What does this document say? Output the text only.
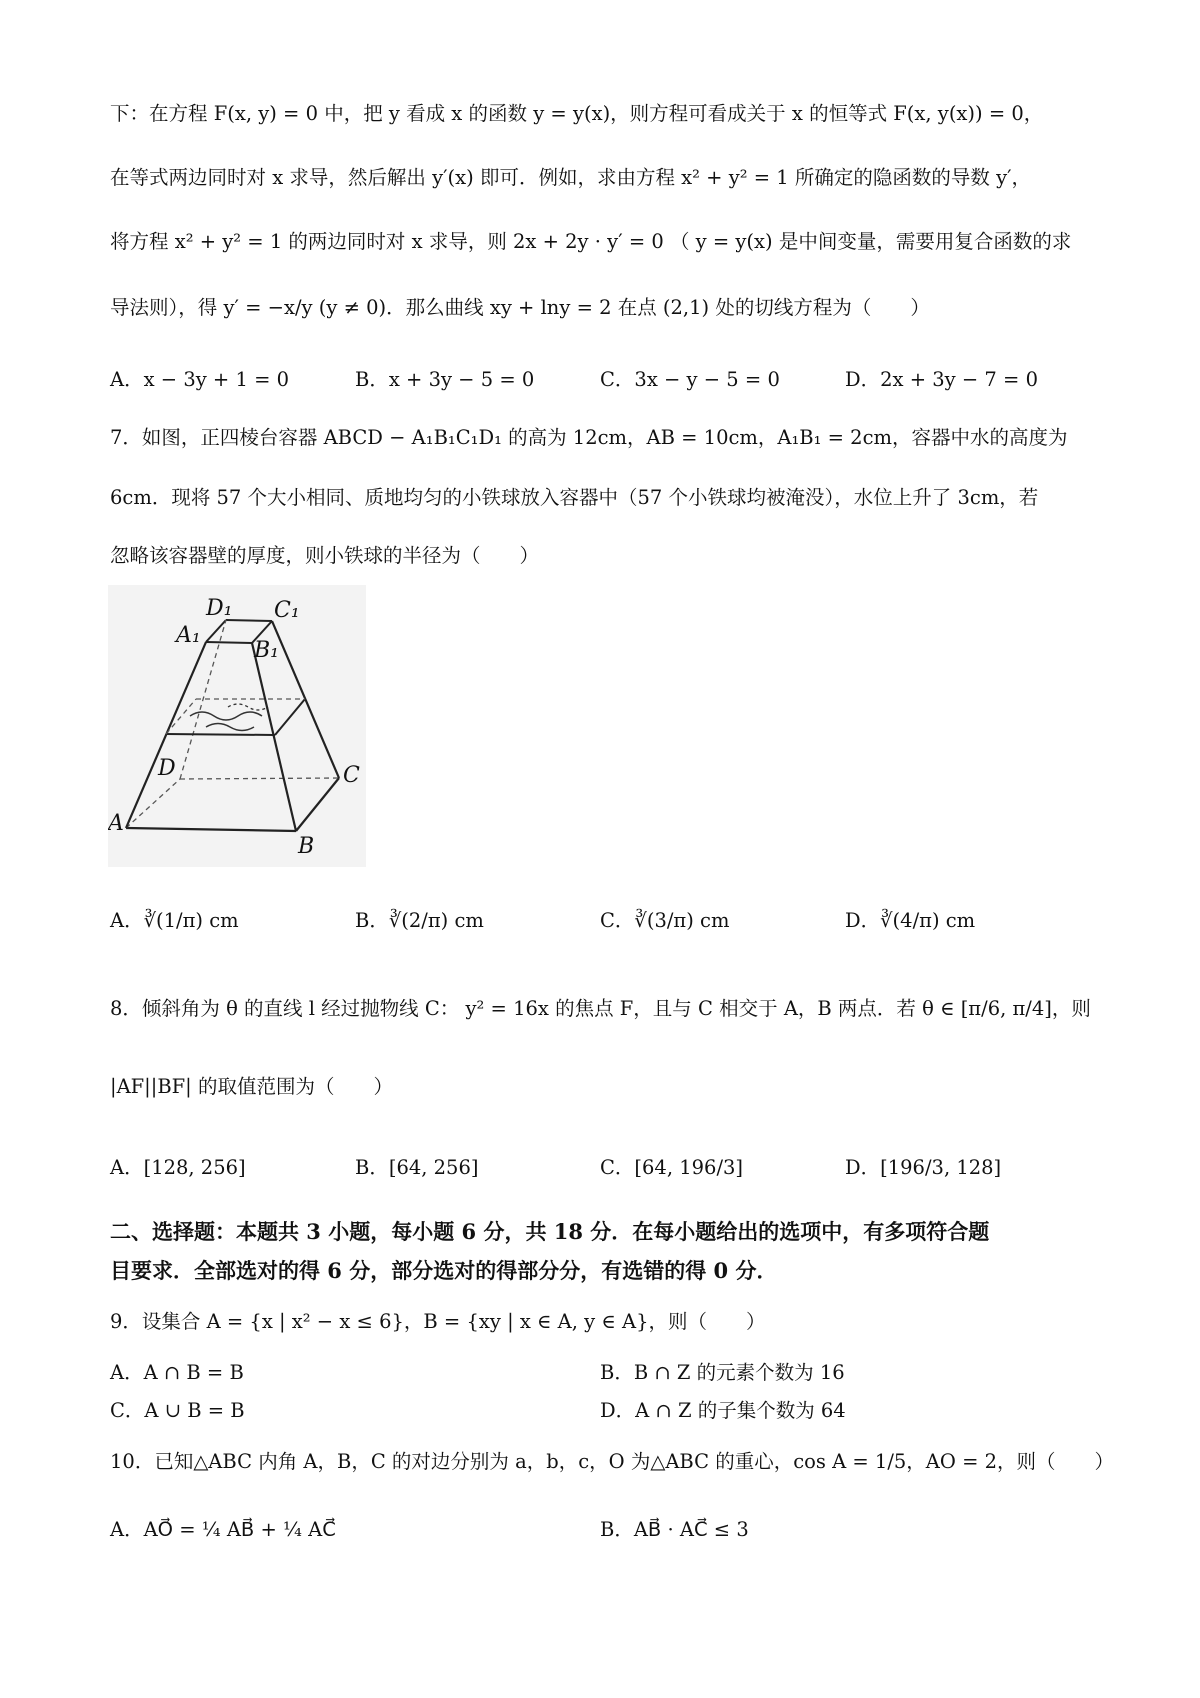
下：在方程 F(x, y) = 0 中，把 y 看成 x 的函数 y = y(x)，则方程可看成关于 x 的恒等式 F(x, y(x)) = 0，
在等式两边同时对 x 求导，然后解出 y′(x) 即可．例如，求由方程 x² + y² = 1 所确定的隐函数的导数 y′，
将方程 x² + y² = 1 的两边同时对 x 求导，则 2x + 2y · y′ = 0 （ y = y(x) 是中间变量，需要用复合函数的求
导法则），得 y′ = −x/y (y ≠ 0)．那么曲线 xy + lny = 2 在点 (2,1) 处的切线方程为（　　）
A．x − 3y + 1 = 0	B．x + 3y − 5 = 0	C．3x − y − 5 = 0	D．2x + 3y − 7 = 0
7．如图，正四棱台容器 ABCD − A₁B₁C₁D₁ 的高为 12cm，AB = 10cm，A₁B₁ = 2cm，容器中水的高度为
6cm．现将 57 个大小相同、质地均匀的小铁球放入容器中（57 个小铁球均被淹没），水位上升了 3cm，若
忽略该容器壁的厚度，则小铁球的半径为（　　）
D₁ C₁
A₁
B₁
D	C
A
B
A．∛(1/π) cm	B．∛(2/π) cm	C．∛(3/π) cm	D．∛(4/π) cm
8．倾斜角为 θ 的直线 l 经过抛物线 C： y² = 16x 的焦点 F，且与 C 相交于 A，B 两点．若 θ ∈ [π/6, π/4]，则
|AF||BF| 的取值范围为（　　）
A．[128, 256]	B．[64, 256]	C．[64, 196/3]	D．[196/3, 128]
二、选择题：本题共 3 小题，每小题 6 分，共 18 分．在每小题给出的选项中，有多项符合题
目要求．全部选对的得 6 分，部分选对的得部分分，有选错的得 0 分．
9．设集合 A = {x | x² − x ≤ 6}，B = {xy | x ∈ A, y ∈ A}，则（　　）
A．A ∩ B = B	B．B ∩ Z 的元素个数为 16
C．A ∪ B = B	D．A ∩ Z 的子集个数为 64
10．已知△ABC 内角 A，B，C 的对边分别为 a，b，c，O 为△ABC 的重心，cos A = 1/5，AO = 2，则（　　）
A．AO⃗ = ¼ AB⃗ + ¼ AC⃗	B．AB⃗ · AC⃗ ≤ 3
